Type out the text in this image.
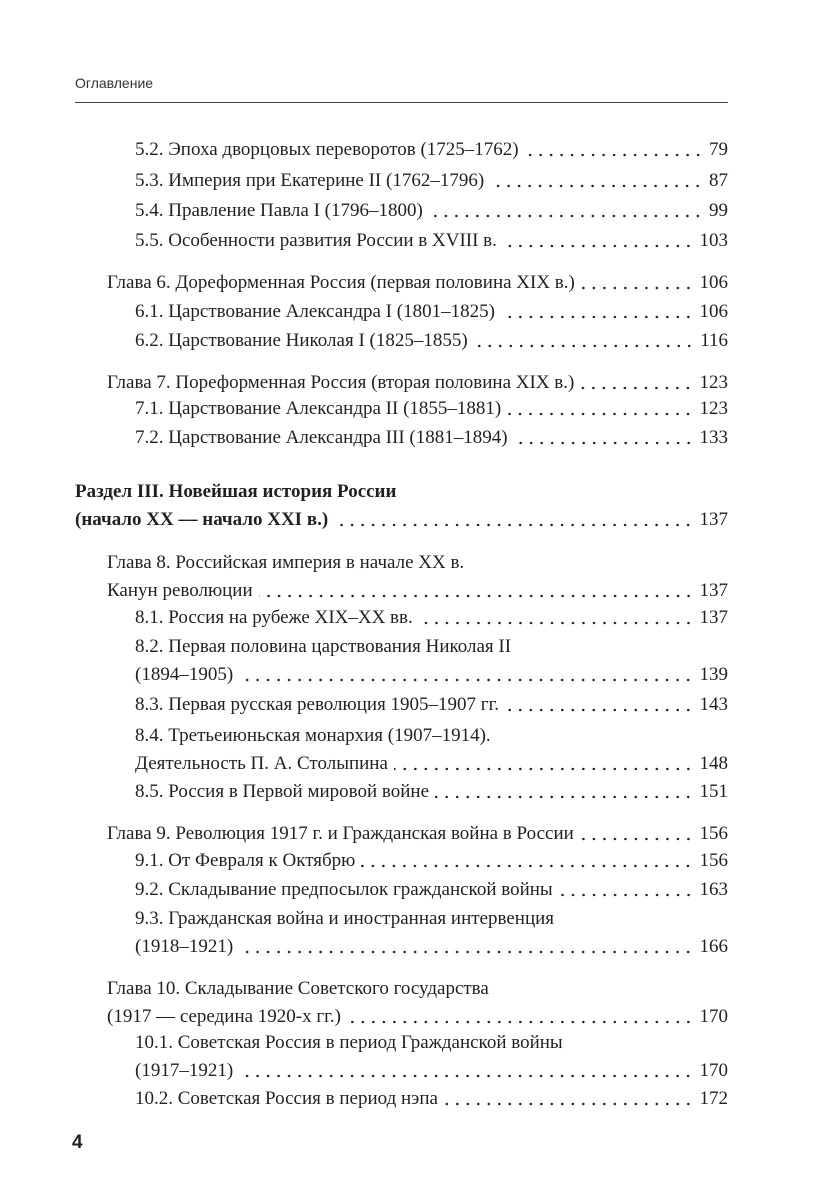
Оглавление
5.2. Эпоха дворцовых переворотов (1725–1762)	79
5.3. Империя при Екатерине II (1762–1796)	87
5.4. Правление Павла I (1796–1800)	99
5.5. Особенности развития России в XVIII в.	103
Глава 6. Дореформенная Россия (первая половина XIX в.)	106
6.1. Царствование Александра I (1801–1825)	106
6.2. Царствование Николая I (1825–1855)	116
Глава 7. Пореформенная Россия (вторая половина XIX в.)	123
7.1. Царствование Александра II (1855–1881)	123
7.2. Царствование Александра III (1881–1894)	133
Раздел III. Новейшая история России
(начало XX — начало XXI в.)	137
Глава 8. Российская империя в начале XX в.
Канун революции	137
8.1. Россия на рубеже XIX–XX вв.	137
8.2. Первая половина царствования Николая II
(1894–1905)	139
8.3. Первая русская революция 1905–1907 гг.	143
8.4. Третьеиюньская монархия (1907–1914).
Деятельность П. А. Столыпина	148
8.5. Россия в Первой мировой войне	151
Глава 9. Революция 1917 г. и Гражданская война в России	156
9.1. От Февраля к Октябрю	156
9.2. Складывание предпосылок гражданской войны	163
9.3. Гражданская война и иностранная интервенция
(1918–1921)	166
Глава 10. Складывание Советского государства
(1917 — середина 1920-х гг.)	170
10.1. Советская Россия в период Гражданской войны
(1917–1921)	170
10.2. Советская Россия в период нэпа	172
4
